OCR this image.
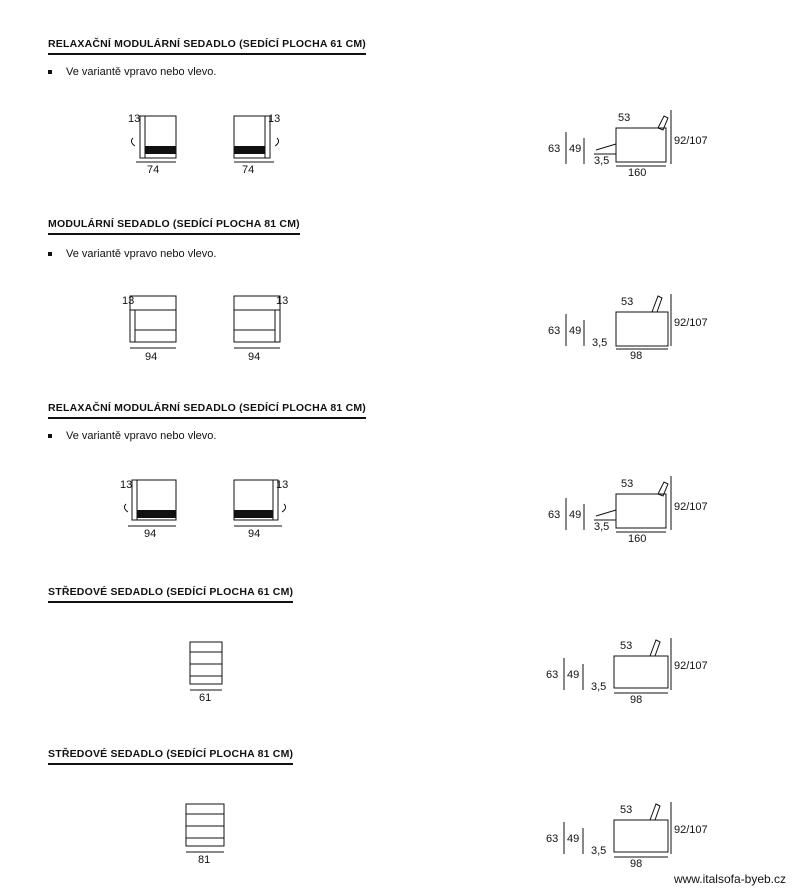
RELAXAČNÍ MODULÁRNÍ SEDADLO (SEDÍCÍ PLOCHA 61 CM)
Ve variantě vpravo nebo vlevo.
13
74
13
74
63 49
53
92/107
3,5
160
MODULÁRNÍ SEDADLO (SEDÍCÍ PLOCHA 81 CM)
Ve variantě vpravo nebo vlevo.
13
94
13
94
63 49
53
92/107
3,5
98
RELAXAČNÍ MODULÁRNÍ SEDADLO (SEDÍCÍ PLOCHA 81 CM)
Ve variantě vpravo nebo vlevo.
13
94
13
94
63 49
53
92/107
3,5
160
STŘEDOVÉ SEDADLO (SEDÍCÍ PLOCHA 61 CM)
61
63 49
53
92/107
3,5
98
STŘEDOVÉ SEDADLO (SEDÍCÍ PLOCHA 81 CM)
81
63 49
53
92/107
3,5
98
www.italsofa-byeb.cz
